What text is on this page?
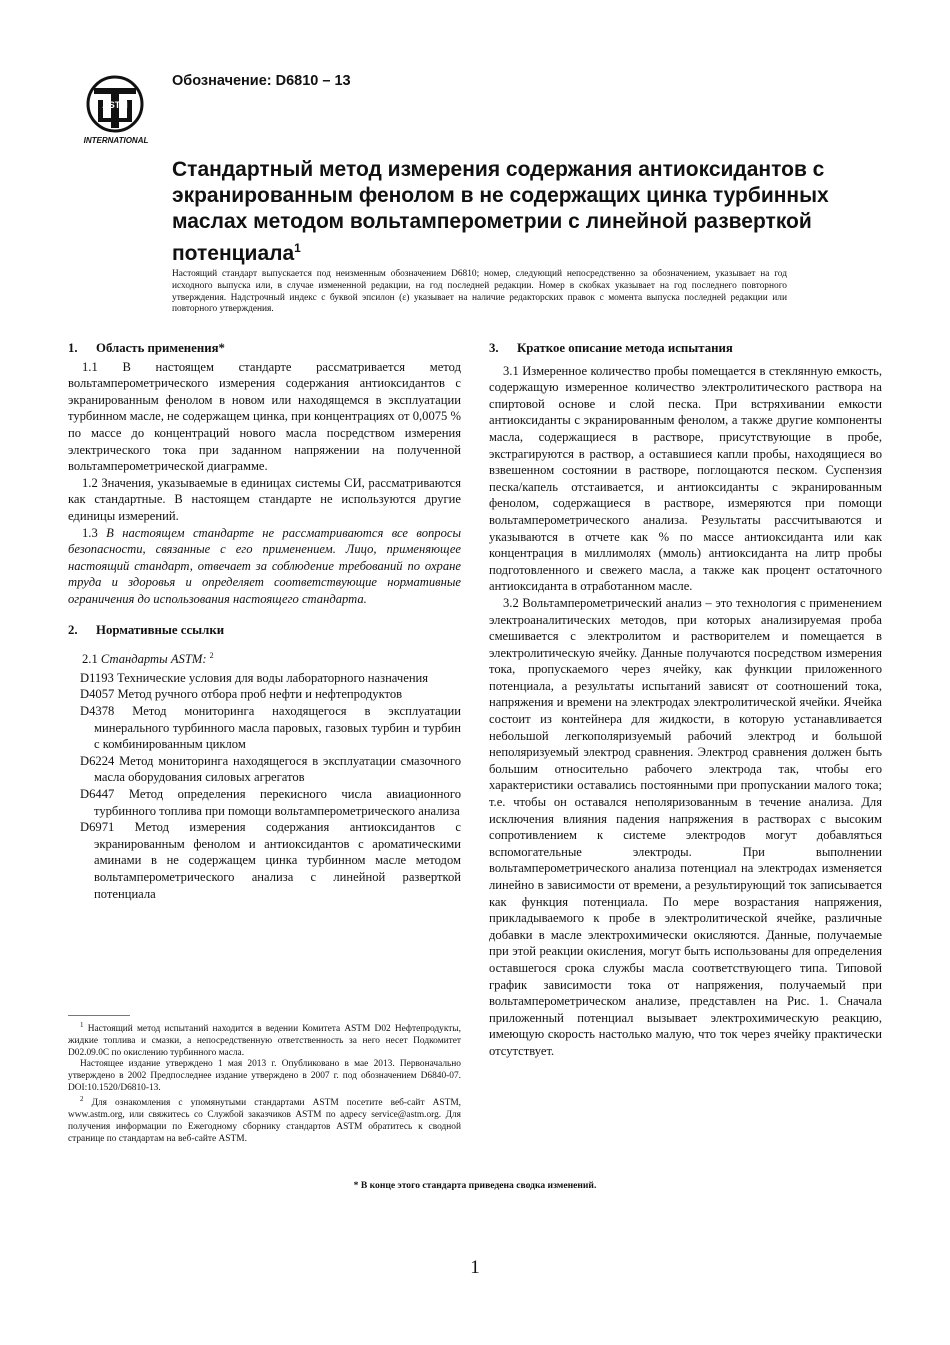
ASTM
INTERNATIONAL
Обозначение: D6810 – 13
Стандартный метод измерения содержания антиоксидантов с экранированным фенолом в не содержащих цинка турбинных маслах методом вольтамперометрии с линейной разверткой потенциала$^1$

Настоящий стандарт выпускается под неизменным обозначением D6810; номер, следующий непосредственно за обозначением, указывает на год исходного выпуска или, в случае измененной редакции, на год последней редакции. Номер в скобках указывает на год последнего повторного утверждения. Надстрочный индекс с буквой эпсилон (ε) указывает на наличие редакторских правок с момента выпуска последней редакции или повторного утверждения.

1. Область применения*

1.1 В настоящем стандарте рассматривается метод вольтамперометрического измерения содержания антиоксидантов с экранированным фенолом в новом или находящемся в эксплуатации турбинном масле, не содержащем цинка, при концентрациях от 0,0075 % по массе до концентраций нового масла посредством измерения электрического тока при заданном напряжении на полученной вольтамперометрической диаграмме.

1.2 Значения, указываемые в единицах системы СИ, рассматриваются как стандартные. В настоящем стандарте не используются другие единицы измерений.

1.3 В настоящем стандарте не рассматриваются все вопросы безопасности, связанные с его применением. Лицо, применяющее настоящий стандарт, отвечает за соблюдение требований по охране труда и здоровья и определяет соответствующие нормативные ограничения до использования настоящего стандарта.

2. Нормативные ссылки
2.1 Стандарты ASTM: $^2$

D1193 Технические условия для воды лабораторного назначения

D4057 Метод ручного отбора проб нефти и нефтепродуктов

D4378 Метод мониторинга находящегося в эксплуатации минерального турбинного масла паровых, газовых турбин и турбин с комбинированным циклом

D6224 Метод мониторинга находящегося в эксплуатации смазочного масла оборудования силовых агрегатов

D6447 Метод определения перекисного числа авиационного турбинного топлива при помощи вольтамперометрического анализа

D6971 Метод измерения содержания антиоксидантов с экранированным фенолом и антиоксидантов с ароматическими аминами в не содержащем цинка турбинном масле методом вольтамперометрического анализа с линейной разверткой потенциала

3. Краткое описание метода испытания

3.1 Измеренное количество пробы помещается в стеклянную емкость, содержащую измеренное количество электролитического раствора на спиртовой основе и слой песка. При встряхивании емкости антиоксиданты с экранированным фенолом, а также другие компоненты масла, содержащиеся в растворе, присутствующие в пробе, экстрагируются в раствор, а оставшиеся капли пробы, находящиеся во взвешенном состоянии в растворе, поглощаются песком. Суспензия песка/капель отстаивается, и антиоксиданты с экранированным фенолом, содержащиеся в растворе, измеряются при помощи вольтамперометрического анализа. Результаты рассчитываются и указываются в отчете как % по массе антиоксиданта или как концентрация в миллимолях (ммоль) антиоксиданта на литр пробы подготовленного и свежего масла, а также как процент остаточного антиоксиданта в отработанном масле.

3.2 Вольтамперометрический анализ – это технология с применением электроаналитических методов, при которых анализируемая проба смешивается с электролитом и растворителем и помещается в электролитическую ячейку. Данные получаются посредством измерения тока, пропускаемого через ячейку, как функции приложенного потенциала, а результаты испытаний зависят от соотношений тока, напряжения и времени на электродах электролитической ячейки. Ячейка состоит из контейнера для жидкости, в которую устанавливается небольшой легкополяризуемый рабочий электрод и большой неполяризуемый электрод сравнения. Электрод сравнения должен быть большим относительно рабочего электрода так, чтобы его характеристики оставались постоянными при пропускании малого тока; т.е. чтобы он оставался неполяризованным в течение анализа. Для исключения влияния падения напряжения в растворах с высоким сопротивлением к системе электродов могут добавляться вспомогательные электроды. При выполнении вольтамперометрического анализа потенциал на электродах изменяется линейно в зависимости от времени, а результирующий ток записывается как функция потенциала. По мере возрастания напряжения, прикладываемого к пробе в электролитической ячейке, различные добавки в масле электрохимически окисляются. Данные, получаемые при этой реакции окисления, могут быть использованы для определения оставшегося срока службы масла соответствующего типа. Типовой график зависимости тока от напряжения, получаемый при вольтамперометрическом анализе, представлен на Рис. 1. Сначала приложенный потенциал вызывает электрохимическую реакцию, имеющую скорость настолько малую, что ток через ячейку практически отсутствует.

$^1$ Настоящий метод испытаний находится в ведении Комитета ASTM D02 Нефтепродукты, жидкие топлива и смазки, а непосредственную ответственность за него несет Подкомитет D02.09.0C по окислению турбинного масла.

Настоящее издание утверждено 1 мая 2013 г. Опубликовано в мае 2013. Первоначально утверждено в 2002 Предпоследнее издание утверждено в 2007 г. под обозначением D6840-07. DOI:10.1520/D6810-13.

$^2$ Для ознакомления с упомянутыми стандартами ASTM посетите веб-сайт ASTM, www.astm.org, или свяжитесь со Службой заказчиков ASTM по адресу service@astm.org. Для получения информации по Ежегодному сборнику стандартов ASTM обратитесь к сводной странице по стандартам на веб-сайте ASTM.

* В конце этого стандарта приведена сводка изменений.
1
